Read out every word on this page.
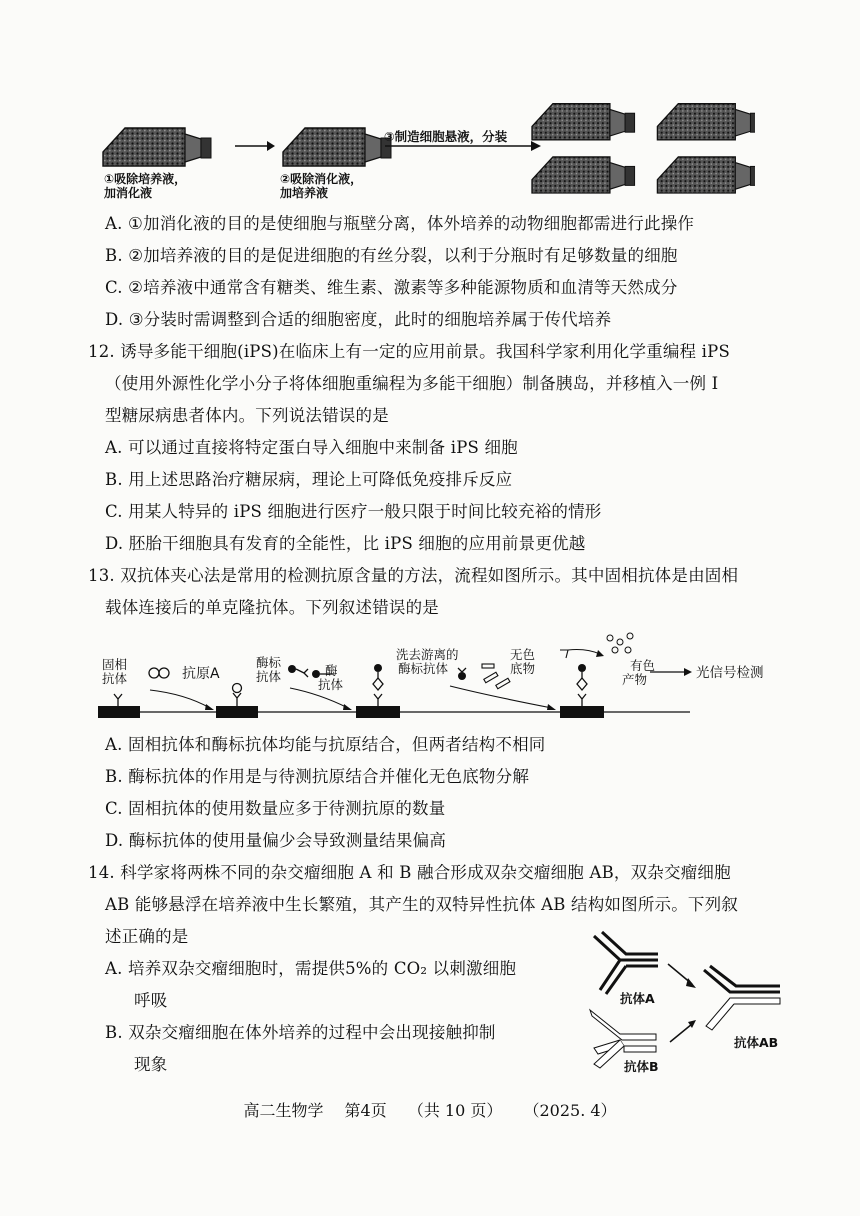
①吸除培养液，
加消化液
②吸除消化液，
加培养液
③制造细胞悬液，分装
A. ①加消化液的目的是使细胞与瓶壁分离，体外培养的动物细胞都需进行此操作
B. ②加培养液的目的是促进细胞的有丝分裂，以利于分瓶时有足够数量的细胞
C. ②培养液中通常含有糖类、维生素、激素等多种能源物质和血清等天然成分
D. ③分装时需调整到合适的细胞密度，此时的细胞培养属于传代培养
12. 诱导多能干细胞(iPS)在临床上有一定的应用前景。我国科学家利用化学重编程 iPS
（使用外源性化学小分子将体细胞重编程为多能干细胞）制备胰岛，并移植入一例 Ⅰ
型糖尿病患者体内。下列说法错误的是
A. 可以通过直接将特定蛋白导入细胞中来制备 iPS 细胞
B. 用上述思路治疗糖尿病，理论上可降低免疫排斥反应
C. 用某人特异的 iPS 细胞进行医疗一般只限于时间比较充裕的情形
D. 胚胎干细胞具有发育的全能性，比 iPS 细胞的应用前景更优越
13. 双抗体夹心法是常用的检测抗原含量的方法，流程如图所示。其中固相抗体是由固相
载体连接后的单克隆抗体。下列叙述错误的是
固相
抗体	抗原A
酶标
抗体	酶
抗体
洗去游离的
酶标抗体
无色
底物	有色
产物	光信号检测
A. 固相抗体和酶标抗体均能与抗原结合，但两者结构不相同
B. 酶标抗体的作用是与待测抗原结合并催化无色底物分解
C. 固相抗体的使用数量应多于待测抗原的数量
D. 酶标抗体的使用量偏少会导致测量结果偏高
14. 科学家将两株不同的杂交瘤细胞 A 和 B 融合形成双杂交瘤细胞 AB，双杂交瘤细胞
AB 能够悬浮在培养液中生长繁殖，其产生的双特异性抗体 AB 结构如图所示。下列叙
述正确的是
A. 培养双杂交瘤细胞时，需提供5%的 CO₂ 以刺激细胞
呼吸
B. 双杂交瘤细胞在体外培养的过程中会出现接触抑制
现象
抗体A
抗体B
抗体AB
高二生物学 第4页 （共 10 页） （2025. 4）
